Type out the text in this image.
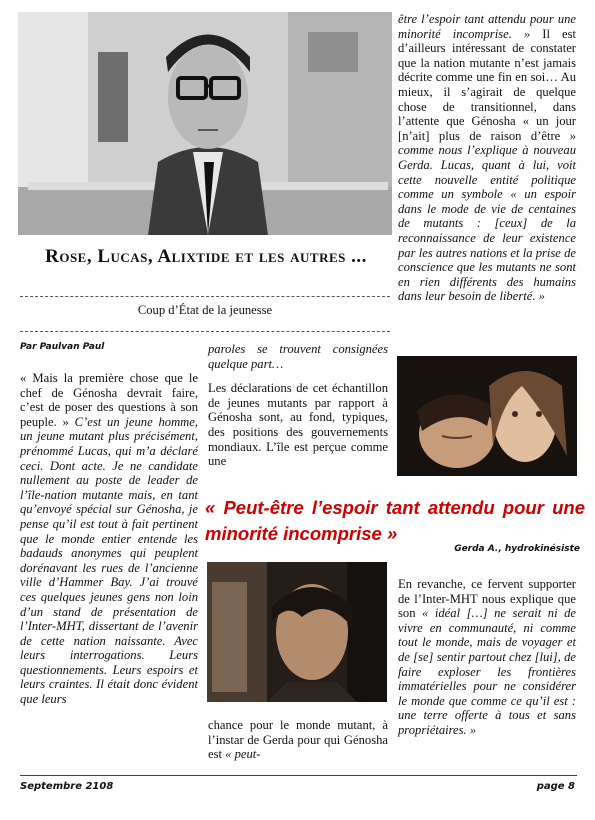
Rose, Lucas, Alixtide et les autres ...
Coup d’État de la jeunesse
Par Paulvan Paul
« Mais la première chose que le chef de Génosha devrait faire, c’est de poser des questions à son peuple. » C’est un jeune homme, un jeune mutant plus précisément, prénommé Lucas, qui m’a déclaré ceci. Dont acte. Je ne candidate nullement au poste de leader de l’île-nation mutante mais, en tant qu’envoyé spécial sur Génosha, je pense qu’il est tout à fait pertinent que le monde entier entende les badauds anonymes qui peuplent dorénavant les rues de l’ancienne ville d’Hammer Bay. J’ai trouvé ces quelques jeunes gens non loin d’un stand de présentation de l’Inter-MHT, dissertant de l’avenir de cette nation naissante. Avec leurs interrogations. Leurs questionnements. Leurs espoirs et leurs craintes. Il était donc évident que leurs
paroles se trouvent consignées quelque part…
Les déclarations de cet échantillon de jeunes mutants par rapport à Génosha sont, au fond, typiques, des positions des gouvernements mondiaux. L’île est perçue comme une
« Peut-être l’espoir tant attendu pour une minorité incomprise »
Gerda A., hydrokinésiste
chance pour le monde mutant, à l’instar de Gerda pour qui Génosha est « peut-
être l’espoir tant attendu pour une minorité incomprise. » Il est d’ailleurs intéressant de constater que la nation mutante n’est jamais décrite comme une fin en soi… Au mieux, il s’agirait de quelque chose de transitionnel, dans l’attente que Génosha « un jour [n’ait] plus de raison d’être » comme nous l’explique à nouveau Gerda. Lucas, quant à lui, voit cette nouvelle entité politique comme un symbole « un espoir dans le mode de vie de centaines de mutants : [ceux] de la reconnaissance de leur existence par les autres nations et la prise de conscience que les mutants ne sont en rien différents des humains dans leur besoin de liberté. »
En revanche, ce fervent supporter de l’Inter-MHT nous explique que son « idéal […] ne serait ni de vivre en communauté, ni comme tout le monde, mais de voyager et de [se] sentir partout chez [lui], de faire exploser les frontières immatérielles pour ne considérer le monde que comme ce qu’il est : une terre offerte à tous et sans propriétaires. »
Septembre 2108	page 8
